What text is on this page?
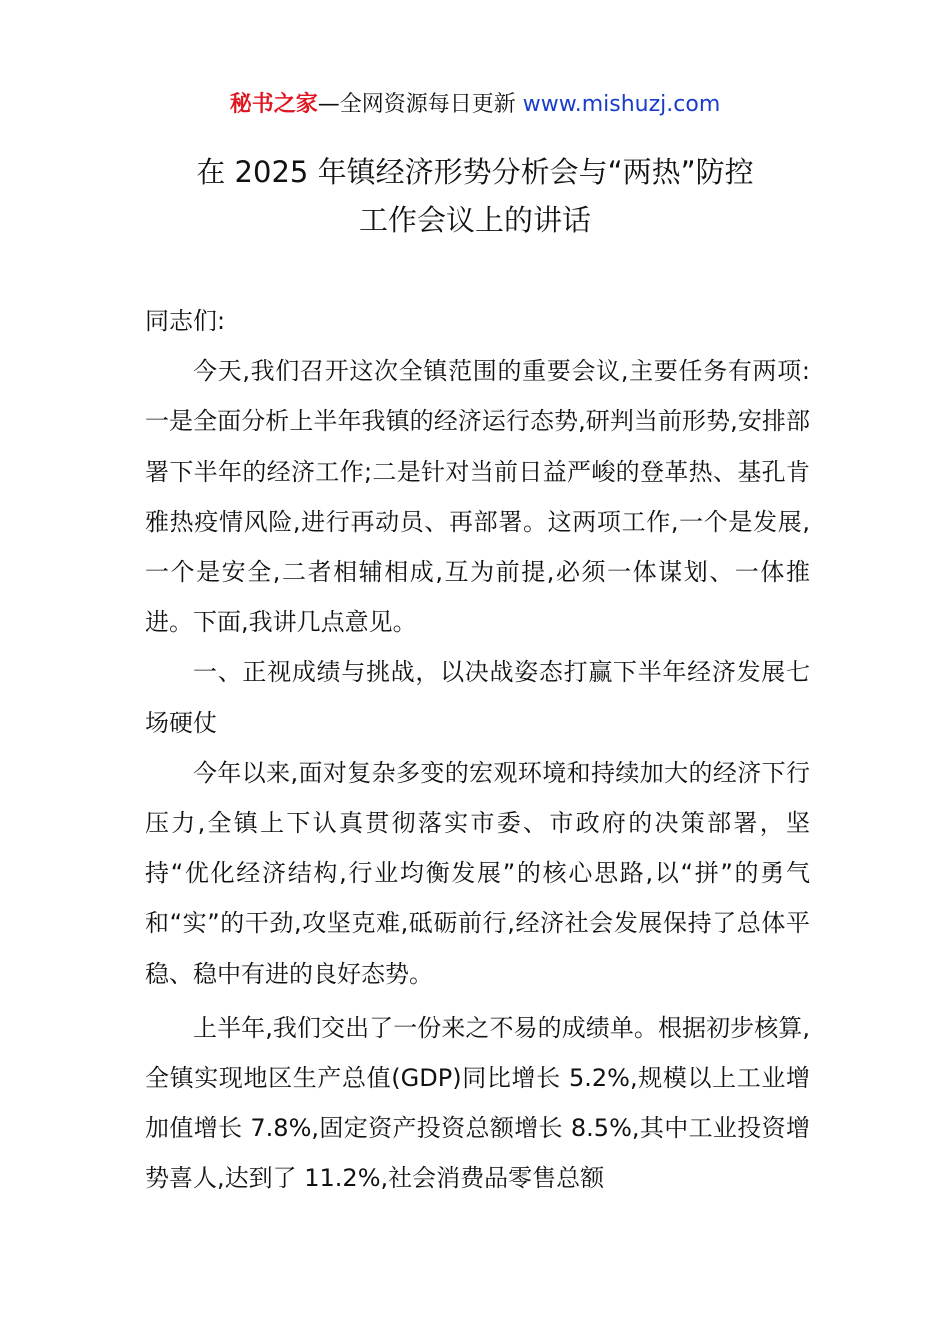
秘书之家—全网资源每日更新 www.mishuzj.com
在 2025 年镇经济形势分析会与“两热”防控
工作会议上的讲话

同志们:

今天,我们召开这次全镇范围的重要会议,主要任务有两项:一是全面分析上半年我镇的经济运行态势,研判当前形势,安排部署下半年的经济工作;二是针对当前日益严峻的登革热、基孔肯雅热疫情风险,进行再动员、再部署。这两项工作,一个是发展,一个是安全,二者相辅相成,互为前提,必须一体谋划、一体推进。下面,我讲几点意见。

一、正视成绩与挑战，以决战姿态打赢下半年经济发展七场硬仗

今年以来,面对复杂多变的宏观环境和持续加大的经济下行压力,全镇上下认真贯彻落实市委、市政府的决策部署，坚持“优化经济结构,行业均衡发展”的核心思路,以“拼”的勇气和“实”的干劲,攻坚克难,砥砺前行,经济社会发展保持了总体平稳、稳中有进的良好态势。

上半年,我们交出了一份来之不易的成绩单。根据初步核算,全镇实现地区生产总值(GDP)同比增长 5.2%,规模以上工业增加值增长 7.8%,固定资产投资总额增长 8.5%,其中工业投资增势喜人,达到了 11.2%,社会消费品零售总额
